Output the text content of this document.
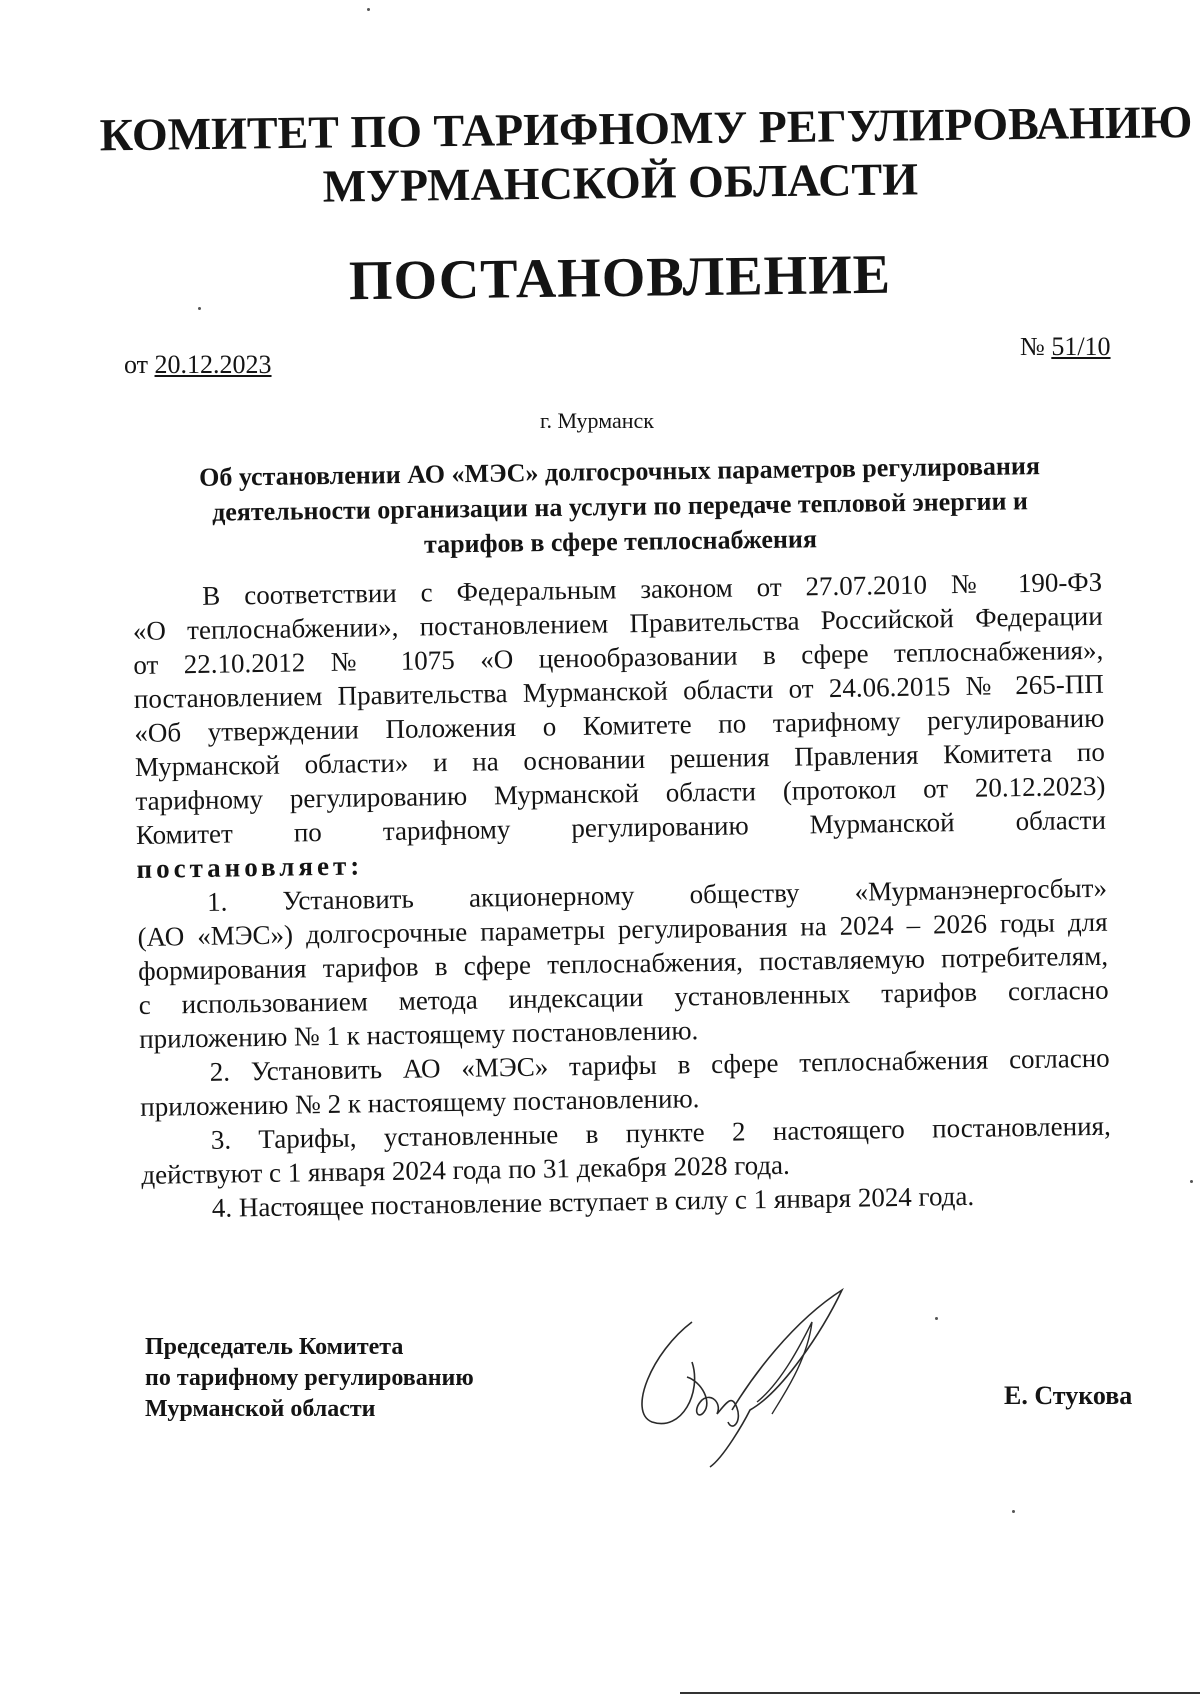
КОМИТЕТ ПО ТАРИФНОМУ РЕГУЛИРОВАНИЮ
МУРМАНСКОЙ ОБЛАСТИ
ПОСТАНОВЛЕНИЕ
от 20.12.2023
№ 51/10
г. Мурманск
Об установлении АО «МЭС» долгосрочных параметров регулирования
деятельности организации на услуги по передаче тепловой энергии и
тарифов в сфере теплоснабжения
В соответствии с Федеральным законом от 27.07.2010 № 190-ФЗ
«О теплоснабжении», постановлением Правительства Российской Федерации
от 22.10.2012 № 1075 «О ценообразовании в сфере теплоснабжения»,
постановлением Правительства Мурманской области от 24.06.2015 № 265-ПП
«Об утверждении Положения о Комитете по тарифному регулированию
Мурманской области» и на основании решения Правления Комитета по
тарифному регулированию Мурманской области (протокол от 20.12.2023)
Комитет по тарифному регулированию Мурманской области
постановляет:
1. Установить акционерному обществу «Мурманэнергосбыт»
(АО «МЭС») долгосрочные параметры регулирования на 2024 – 2026 годы для
формирования тарифов в сфере теплоснабжения, поставляемую потребителям,
с использованием метода индексации установленных тарифов согласно
приложению № 1 к настоящему постановлению.
2. Установить АО «МЭС» тарифы в сфере теплоснабжения согласно
приложению № 2 к настоящему постановлению.
3. Тарифы, установленные в пункте 2 настоящего постановления,
действуют с 1 января 2024 года по 31 декабря 2028 года.
4. Настоящее постановление вступает в силу с 1 января 2024 года.
Председатель Комитета
по тарифному регулированию
Мурманской области	Е. Стукова
